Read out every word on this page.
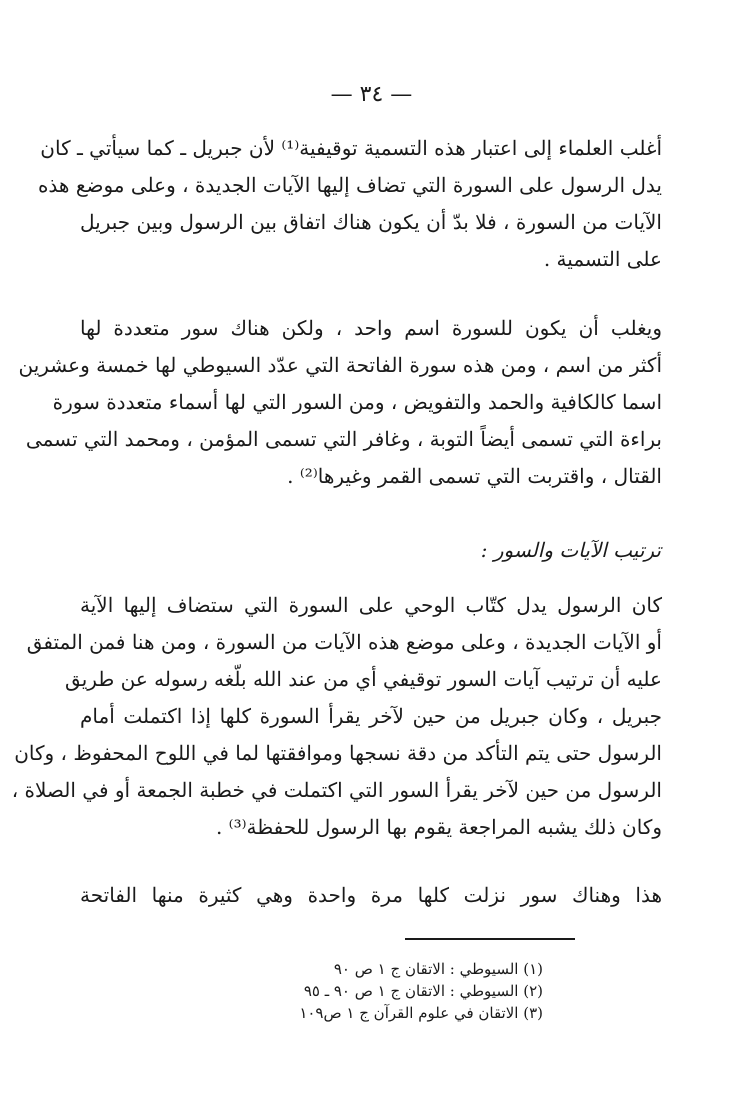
— ٣٤ —
أغلب العلماء إلى اعتبار هذه التسمية توقيفية⁽¹⁾ لأن جبريل ـ كما سيأتي ـ كان
يدل الرسول على السورة التي تضاف إليها الآيات الجديدة ، وعلى موضع هذه
الآيات من السورة ، فلا بدّ أن يكون هناك اتفاق بين الرسول وبين جبريل
على التسمية .
ويغلب أن يكون للسورة اسم واحد ، ولكن هناك سور متعددة لها
أكثر من اسم ، ومن هذه سورة الفاتحة التي عدّد السيوطي لها خمسة وعشرين
اسما كالكافية والحمد والتفويض ، ومن السور التي لها أسماء متعددة سورة
براءة التي تسمى أيضاً التوبة ، وغافر التي تسمى المؤمن ، ومحمد التي تسمى
القتال ، واقتربت التي تسمى القمر وغيرها⁽²⁾ .
ترتيب الآيات والسور :
كان الرسول يدل كتّاب الوحي على السورة التي ستضاف إليها الآية
أو الآيات الجديدة ، وعلى موضع هذه الآيات من السورة ، ومن هنا فمن المتفق
عليه أن ترتيب آيات السور توقيفي أي من عند الله بلّغه رسوله عن طريق
جبريل ، وكان جبريل من حين لآخر يقرأ السورة كلها إذا اكتملت أمام
الرسول حتى يتم التأكد من دقة نسجها وموافقتها لما في اللوح المحفوظ ، وكان
الرسول من حين لآخر يقرأ السور التي اكتملت في خطبة الجمعة أو في الصلاة ،
وكان ذلك يشبه المراجعة يقوم بها الرسول للحفظة⁽³⁾ .
هذا وهناك سور نزلت كلها مرة واحدة وهي كثيرة منها الفاتحة
(١) السيوطي : الاتقان ج ١ ص ٩٠
(٢) السيوطي : الاتقان ج ١ ص ٩٠ ـ ٩٥
(٣) الاتقان في علوم القرآن ج ١ ص١٠٩
